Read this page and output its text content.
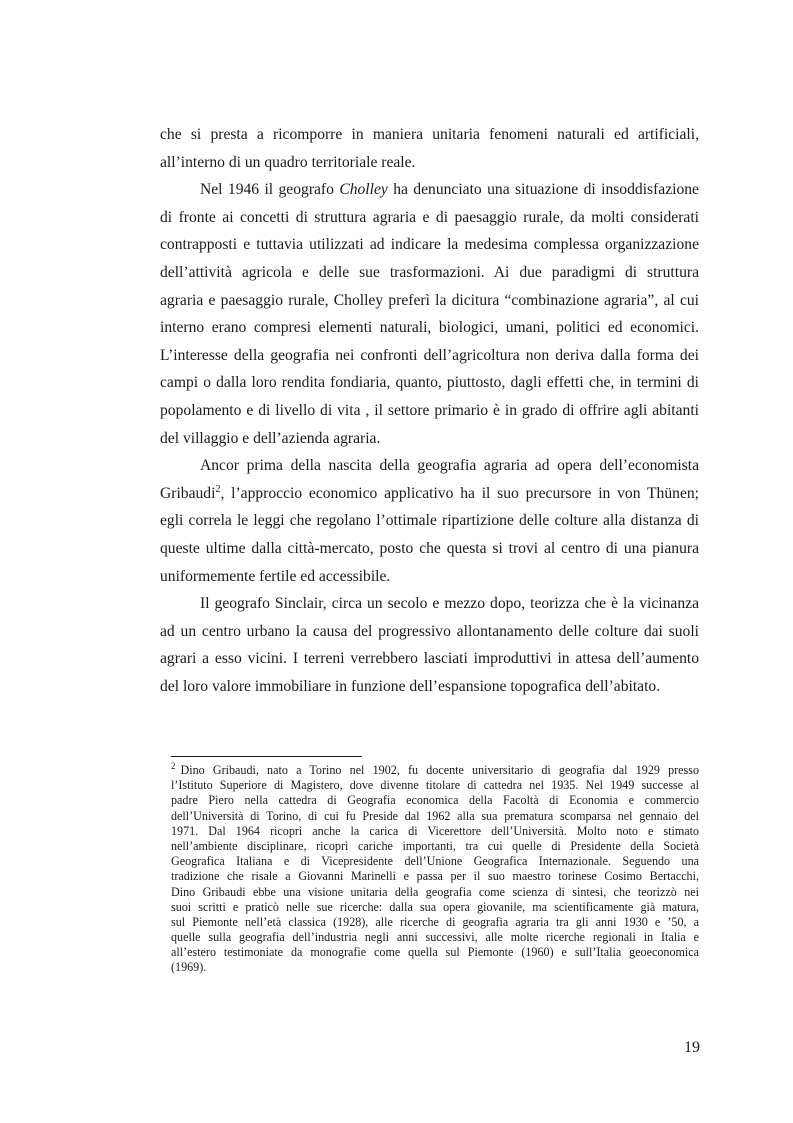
che si presta a ricomporre in maniera unitaria fenomeni naturali ed artificiali,
all’interno di un quadro territoriale reale.
Nel 1946 il geografo Cholley ha denunciato una situazione di insoddisfazione
di fronte ai concetti di struttura agraria e di paesaggio rurale, da molti considerati
contrapposti e tuttavia utilizzati ad indicare la medesima complessa organizzazione
dell’attività agricola e delle sue trasformazioni. Ai due paradigmi di struttura
agraria e paesaggio rurale, Cholley preferì la dicitura “combinazione agraria”, al cui
interno erano compresi elementi naturali, biologici, umani, politici ed economici.
L’interesse della geografia nei confronti dell’agricoltura non deriva dalla forma dei
campi o dalla loro rendita fondiaria, quanto, piuttosto, dagli effetti che, in termini di
popolamento e di livello di vita , il settore primario è in grado di offrire agli abitanti
del villaggio e dell’azienda agraria.
Ancor prima della nascita della geografia agraria ad opera dell’economista
Gribaudi$^2$, l’approccio economico applicativo ha il suo precursore in von Thünen;
egli correla le leggi che regolano l’ottimale ripartizione delle colture alla distanza di
queste ultime dalla città-mercato, posto che questa si trovi al centro di una pianura
uniformemente fertile ed accessibile.
Il geografo Sinclair, circa un secolo e mezzo dopo, teorizza che è la vicinanza
ad un centro urbano la causa del progressivo allontanamento delle colture dai suoli
agrari a esso vicini. I terreni verrebbero lasciati improduttivi in attesa dell’aumento
del loro valore immobiliare in funzione dell’espansione topografica dell’abitato.
$^2$ Dino Gribaudi, nato a Torino nel 1902, fu docente universitario di geografia dal 1929 presso
l’Istituto Superiore di Magistero, dove divenne titolare di cattedra nel 1935. Nel 1949 successe al
padre Piero nella cattedra di Geografia economica della Facoltà di Economia e commercio
dell’Università di Torino, di cui fu Preside dal 1962 alla sua prematura scomparsa nel gennaio del
1971. Dal 1964 ricoprì anche la carica di Vicerettore dell’Università. Molto noto e stimato
nell’ambiente disciplinare, ricoprì cariche importanti, tra cui quelle di Presidente della Società
Geografica Italiana e di Vicepresidente dell’Unione Geografica Internazionale. Seguendo una
tradizione che risale a Giovanni Marinelli e passa per il suo maestro torinese Cosimo Bertacchi,
Dino Gribaudi ebbe una visione unitaria della geografia come scienza di sintesi, che teorizzò nei
suoi scritti e praticò nelle sue ricerche: dalla sua opera giovanile, ma scientificamente già matura,
sul Piemonte nell’età classica (1928), alle ricerche di geografia agraria tra gli anni 1930 e ’50, a
quelle sulla geografia dell’industria negli anni successivi, alle molte ricerche regionali in Italia e
all’estero testimoniate da monografie come quella sul Piemonte (1960) e sull’Italia geoeconomica
(1969).
19
